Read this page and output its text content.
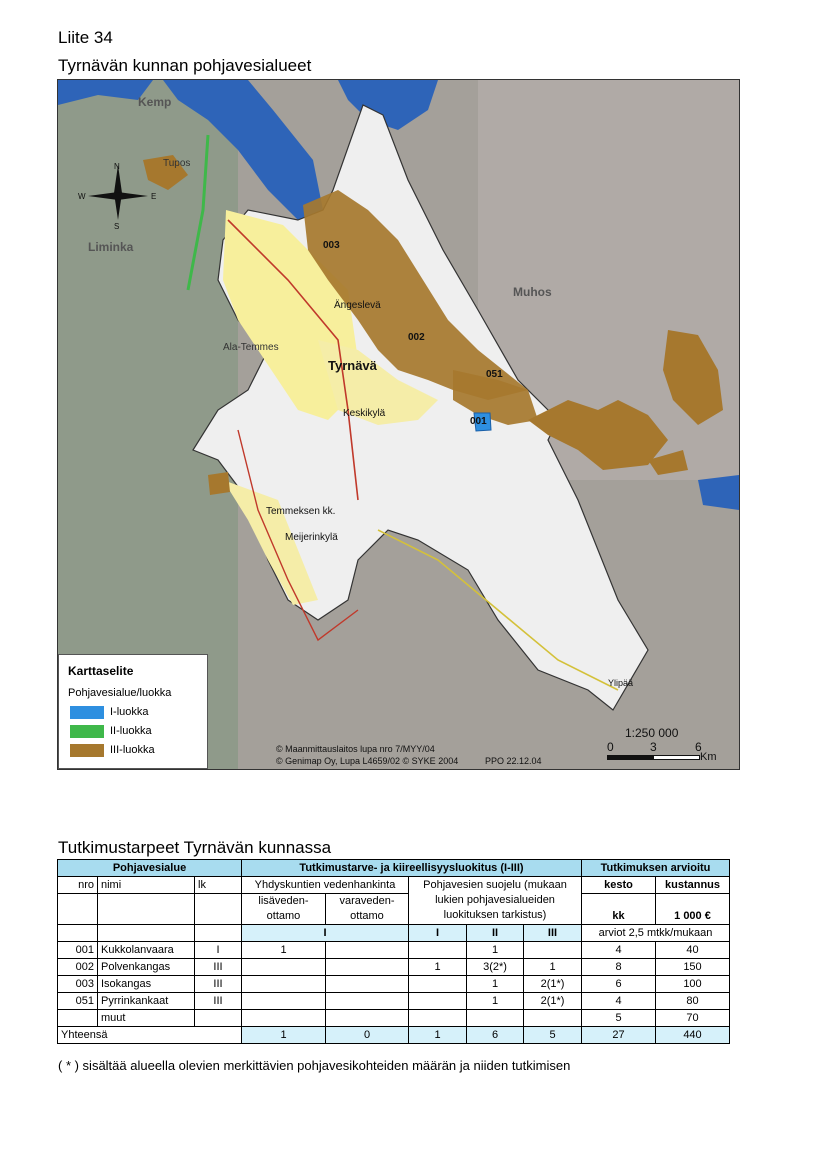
Liite 34
Tyrnävän kunnan pohjavesialueet
003
002
051
001
Tyrnävä
Ängeslevä
Keskikylä
Temmeksen kk.
Meijerinkylä
Muhos
Liminka
Kemp
Tupos
Ala-Temmes
Ylipää
N
S
E
W
Karttaselite
Pohjavesialue/luokka
I-luokka
II-luokka
III-luokka	© Maanmittauslaitos lupa nro 7/MYY/04
© Genimap Oy, Lupa L4659/02 © SYKE 2004	PPO 22.12.04
1:250 000
0	3	6
Km
Tutkimustarpeet Tyrnävän kunnassa
Pohjavesialue			Tutkimustarve- ja kiireellisyysluokitus (I-III)					Tutkimuksen arvioitu	
nro	nimi	lk	Yhdyskuntien vedenhankinta		Pohjavesien suojelu (mukaan lukien pohjavesialueiden luokituksen tarkistus)			kesto	kustannus
			lisäveden-ottamo	varaveden-ottamo				kk	1 000 €
			I		I	II	III	arviot 2,5 mtkk/mukaan	
001	Kukkolanvaara	I	1			1		4	40
002	Polvenkangas	III			1	3(2*)	1	8	150
003	Isokangas	III				1	2(1*)	6	100
051	Pyrrinkankaat	III				1	2(1*)	4	80
	muut							5	70
Yhteensä			1	0	1	6	5	27	440
( * ) sisältää alueella olevien merkittävien pohjavesikohteiden määrän ja niiden tutkimisen
